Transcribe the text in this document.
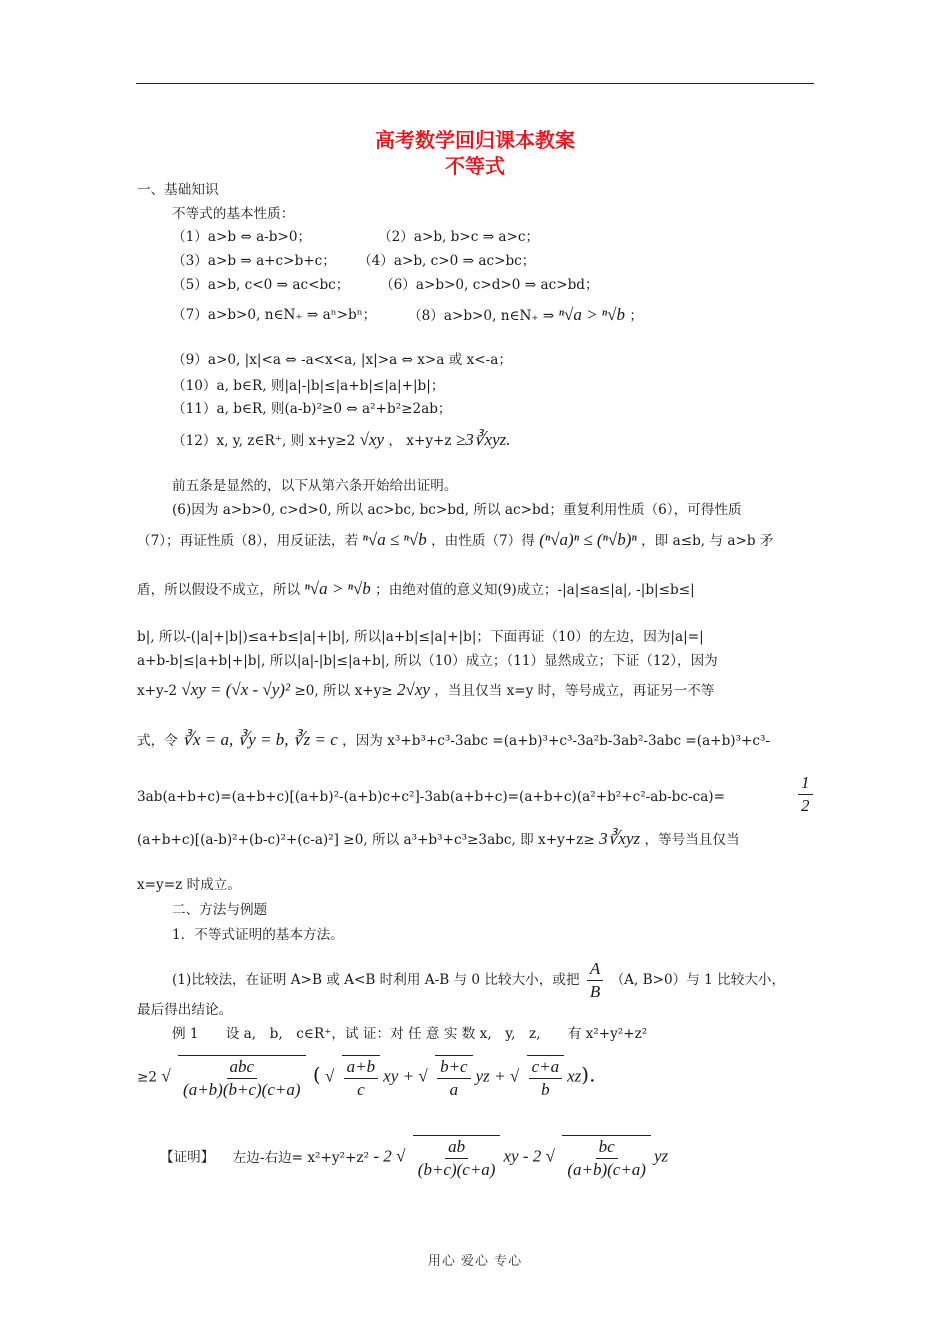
高考数学回归课本教案
不等式
一、基础知识
不等式的基本性质：
（1）a>b ⇔ a-b>0；	（2）a>b, b>c ⇒ a>c；
（3）a>b ⇒ a+c>b+c； （4）a>b, c>0 ⇒ ac>bc；
（5）a>b, c<0 ⇒ ac<bc； （6）a>b>0, c>d>0 ⇒ ac>bd；
（7）a>b>0, n∈N₊ ⇒ aⁿ>bⁿ； （8）a>b>0, n∈N₊ ⇒ ⁿ√a > ⁿ√b ；
（9）a>0, |x|<a ⇔ -a<x<a, |x|>a ⇔ x>a 或 x<-a；
（10）a, b∈R, 则|a|-|b|≤|a+b|≤|a|+|b|；
（11）a, b∈R, 则(a-b)²≥0 ⇔ a²+b²≥2ab；
（12）x, y, z∈R⁺, 则 x+y≥2 √xy ， x+y+z ≥3∛xyz.
前五条是显然的，以下从第六条开始给出证明。
(6)因为 a>b>0, c>d>0, 所以 ac>bc, bc>bd, 所以 ac>bd；重复利用性质（6），可得性质
（7）；再证性质（8），用反证法，若 ⁿ√a ≤ ⁿ√b ，由性质（7）得 (ⁿ√a)ⁿ ≤ (ⁿ√b)ⁿ ，即 a≤b, 与 a>b 矛
盾，所以假设不成立，所以 ⁿ√a > ⁿ√b ；由绝对值的意义知(9)成立；-|a|≤a≤|a|, -|b|≤b≤|
b|, 所以-(|a|+|b|)≤a+b≤|a|+|b|, 所以|a+b|≤|a|+|b|；下面再证（10）的左边，因为|a|=|
a+b-b|≤|a+b|+|b|, 所以|a|-|b|≤|a+b|, 所以（10）成立；（11）显然成立；下证（12），因为
x+y-2 √xy = (√x - √y)² ≥0, 所以 x+y≥ 2√xy ，当且仅当 x=y 时，等号成立，再证另一不等
式，令 ∛x = a, ∛y = b, ∛z = c ，因为 x³+b³+c³-3abc =(a+b)³+c³-3a²b-3ab²-3abc =(a+b)³+c³-
3ab(a+b+c)=(a+b+c)[(a+b)²-(a+b)c+c²]-3ab(a+b+c)=(a+b+c)(a²+b²+c²-ab-bc-ca)=	$\frac{1}{2}$
(a+b+c)[(a-b)²+(b-c)²+(c-a)²] ≥0, 所以 a³+b³+c³≥3abc, 即 x+y+z≥ 3∛xyz ，等号当且仅当
x=y=z 时成立。
二、方法与例题
1．不等式证明的基本方法。
(1)比较法，在证明 A>B 或 A<B 时利用 A-B 与 0 比较大小，或把 $\frac{A}{B} (A$, B>0）与 1 比较大小，
最后得出结论。
例 1　　设 a,　b,　c∈R⁺，试 证：对 任 意 实 数 x,　y,　z,　　有 x²+y²+z²
≥2 √ $\frac{\text{abc}}{(a+b)(b+c)(c+a)}$ ( √ $\frac{a+b}{c}$ xy + √ $\frac{b+c}{a}$ yz + √ $\frac{c+a}{b} xz$).
【证明】 左边-右边= x²+y²+z² - 2 √ $\frac{ab}{(b+c)(c+a)}$ xy - 2 √ $\frac{bc}{(a+b)(c+a)}$ yz
用心 爱心 专心
